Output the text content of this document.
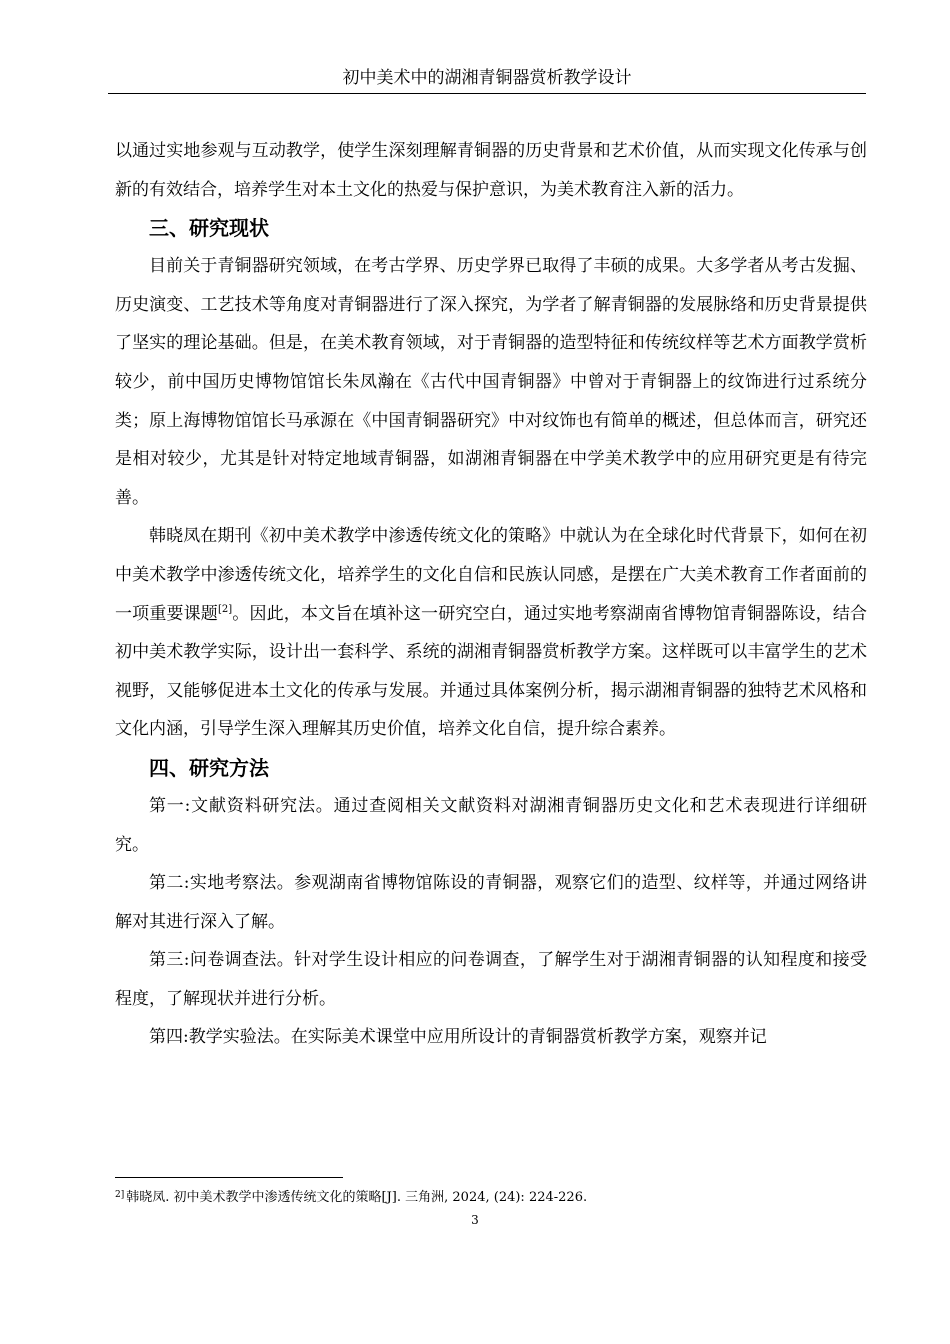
初中美术中的湖湘青铜器赏析教学设计

以通过实地参观与互动教学，使学生深刻理解青铜器的历史背景和艺术价值，从而实现文化传承与创新的有效结合，培养学生对本土文化的热爱与保护意识，为美术教育注入新的活力。

三、研究现状

目前关于青铜器研究领域，在考古学界、历史学界已取得了丰硕的成果。大多学者从考古发掘、历史演变、工艺技术等角度对青铜器进行了深入探究，为学者了解青铜器的发展脉络和历史背景提供了坚实的理论基础。但是，在美术教育领域，对于青铜器的造型特征和传统纹样等艺术方面教学赏析较少，前中国历史博物馆馆长朱凤瀚在《古代中国青铜器》中曾对于青铜器上的纹饰进行过系统分类；原上海博物馆馆长马承源在《中国青铜器研究》中对纹饰也有简单的概述，但总体而言，研究还是相对较少，尤其是针对特定地域青铜器，如湖湘青铜器在中学美术教学中的应用研究更是有待完善。

韩晓凤在期刊《初中美术教学中渗透传统文化的策略》中就认为在全球化时代背景下，如何在初中美术教学中渗透传统文化，培养学生的文化自信和民族认同感，是摆在广大美术教育工作者面前的一项重要课题[2]。因此，本文旨在填补这一研究空白，通过实地考察湖南省博物馆青铜器陈设，结合初中美术教学实际，设计出一套科学、系统的湖湘青铜器赏析教学方案。这样既可以丰富学生的艺术视野，又能够促进本土文化的传承与发展。并通过具体案例分析，揭示湖湘青铜器的独特艺术风格和文化内涵，引导学生深入理解其历史价值，培养文化自信，提升综合素养。

四、研究方法

第一:文献资料研究法。通过查阅相关文献资料对湖湘青铜器历史文化和艺术表现进行详细研究。

第二:实地考察法。参观湖南省博物馆陈设的青铜器，观察它们的造型、纹样等，并通过网络讲解对其进行深入了解。

第三:问卷调查法。针对学生设计相应的问卷调查，了解学生对于湖湘青铜器的认知程度和接受程度，了解现状并进行分析。

第四:教学实验法。在实际美术课堂中应用所设计的青铜器赏析教学方案，观察并记

$^{2]}$ 韩晓凤. 初中美术教学中渗透传统文化的策略[J]. 三角洲, 2024, (24): 224-226.
3
